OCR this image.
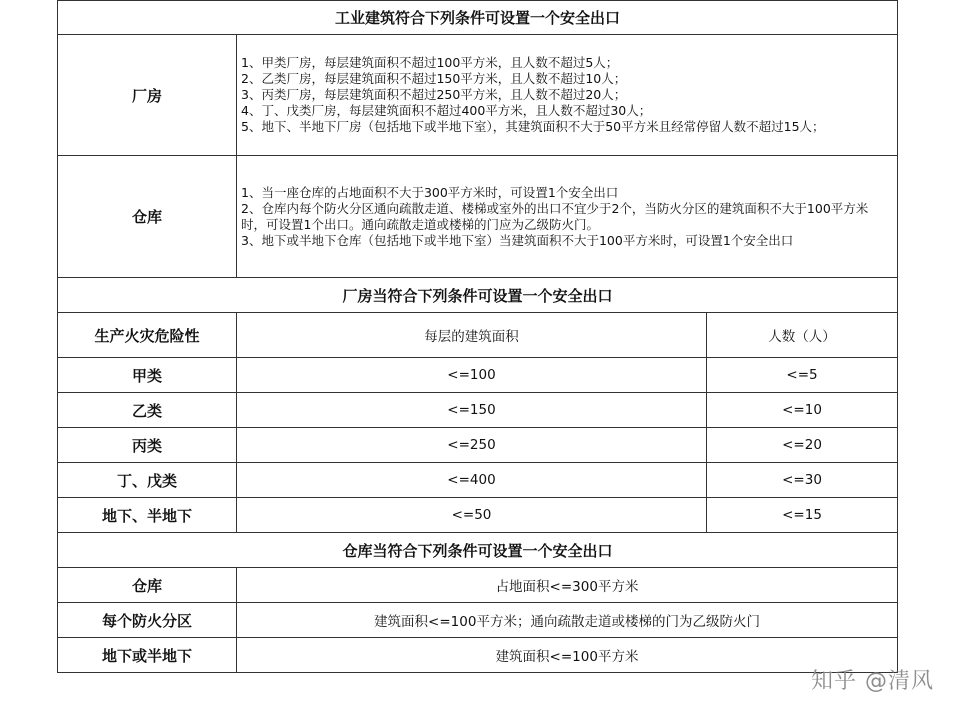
工业建筑符合下列条件可设置一个安全出口		
厂房	1、甲类厂房，每层建筑面积不超过100平方米，且人数不超过5人；
2、乙类厂房，每层建筑面积不超过150平方米，且人数不超过10人；
3、丙类厂房，每层建筑面积不超过250平方米，且人数不超过20人；
4、丁、戊类厂房，每层建筑面积不超过400平方米，且人数不超过30人；
5、地下、半地下厂房（包括地下或半地下室），其建筑面积不大于50平方米且经常停留人数不超过15人；	

仓库	1、当一座仓库的占地面积不大于300平方米时，可设置1个安全出口
2、仓库内每个防火分区通向疏散走道、楼梯或室外的出口不宜少于2个，当防火分区的建筑面积不大于100平方米时，可设置1个出口。通向疏散走道或楼梯的门应为乙级防火门。
3、地下或半地下仓库（包括地下或半地下室）当建筑面积不大于100平方米时，可设置1个安全出口	

厂房当符合下列条件可设置一个安全出口		
生产火灾危险性	每层的建筑面积	人数（人）
甲类	<=100	<=5
乙类	<=150	<=10
丙类	<=250	<=20
丁、戊类	<=400	<=30
地下、半地下	<=50	<=15
仓库当符合下列条件可设置一个安全出口		
仓库	占地面积<=300平方米	
每个防火分区	建筑面积<=100平方米；通向疏散走道或楼梯的门为乙级防火门	
地下或半地下	建筑面积<=100平方米	
知乎 @清风
